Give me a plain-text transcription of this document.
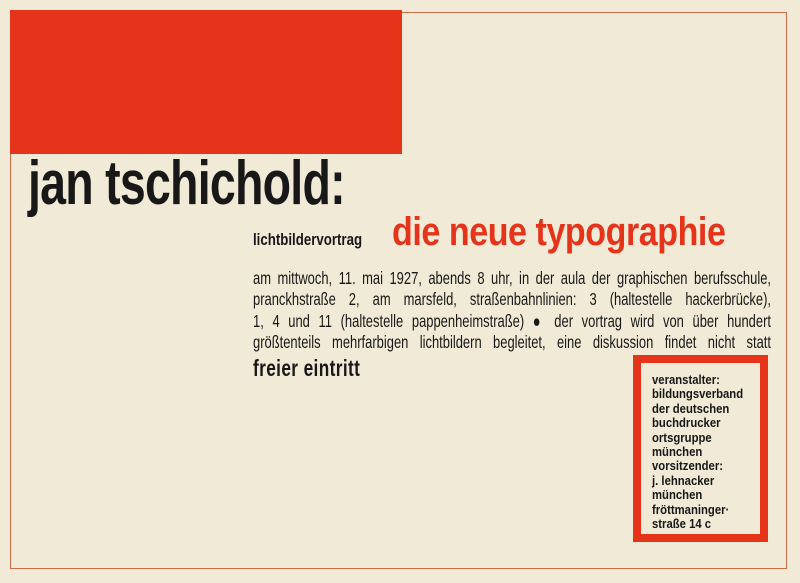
jan tschichold:
lichtbildervortrag die neue typographie
am mittwoch, 11. mai 1927, abends 8 uhr, in der aula der graphischen berufsschule,
pranckhstraße 2, am marsfeld, straßenbahnlinien: 3 (haltestelle hackerbrücke),
1, 4 und 11 (haltestelle pappenheimstraße) ● der vortrag wird von über hundert
größtenteils mehrfarbigen lichtbildern begleitet, eine diskussion findet nicht statt
freier eintritt	veranstalter:
bildungsverband
der deutschen
buchdrucker
ortsgruppe
münchen
vorsitzender:
j. lehnacker
münchen
fröttmaninger·
straße 14 c
